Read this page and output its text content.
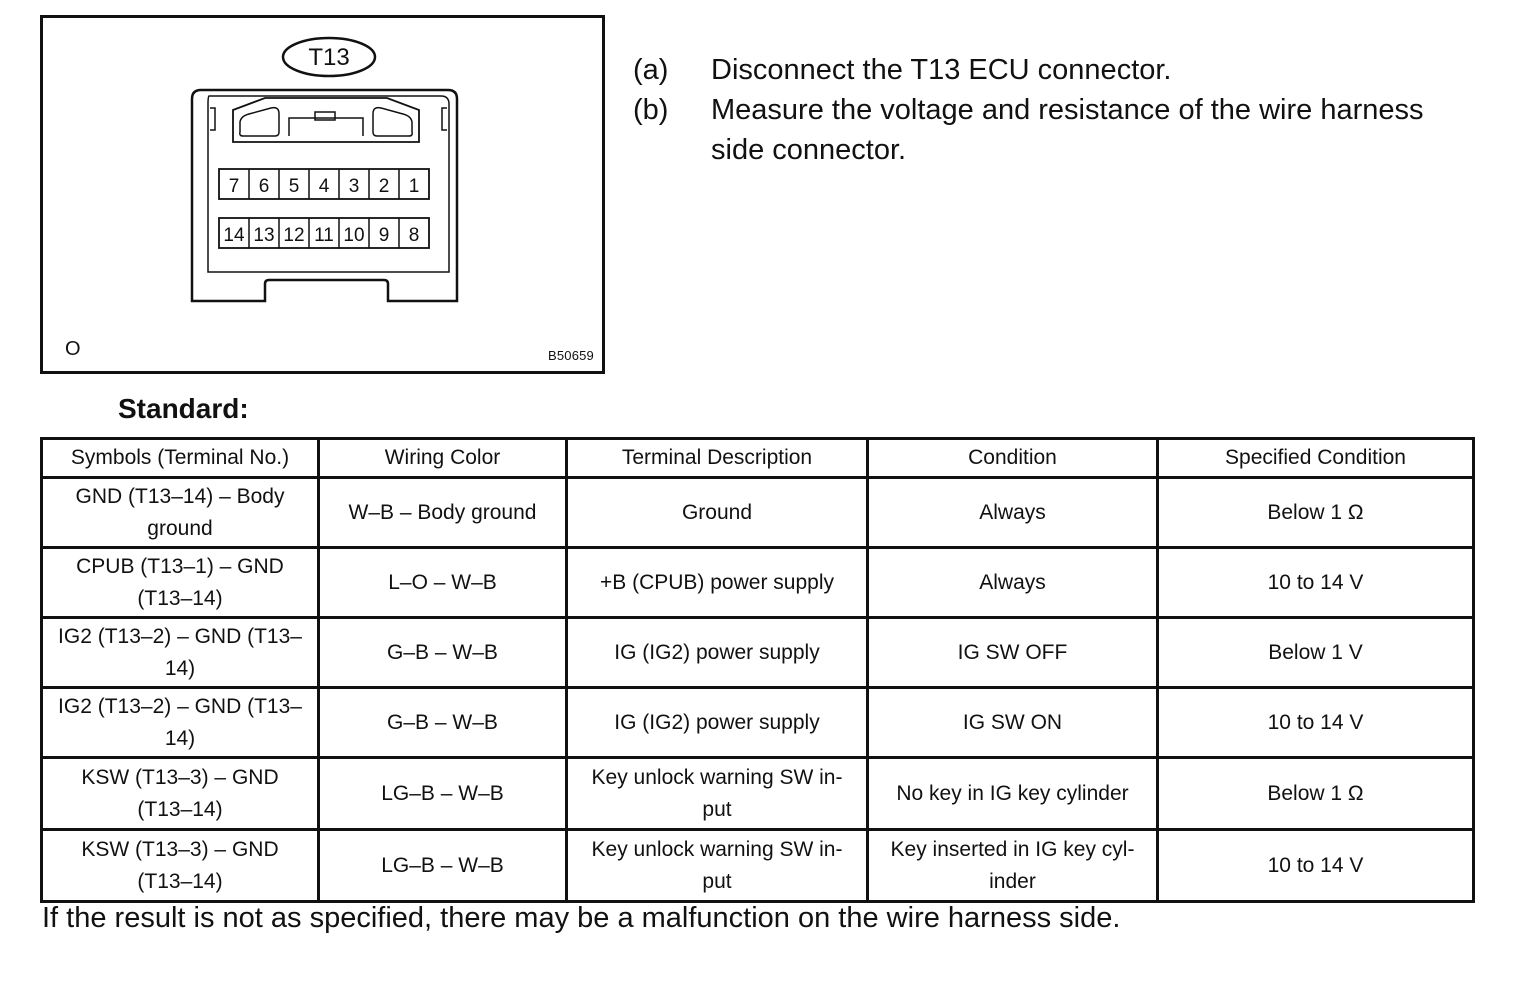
T13
7 6 5 4 3 2 1
14 13 12 11 10 9 8
O	B50659
(a)	Disconnect the T13 ECU connector.
(b)	Measure the voltage and resistance of the wire harness side connector.
Standard:
Symbols (Terminal No.)	Wiring Color	Terminal Description	Condition	Specified Condition
GND (T13–14) – Body ground	W–B – Body ground	Ground	Always	Below 1 Ω
CPUB (T13–1) – GND (T13–14)	L–O – W–B	+B (CPUB) power supply	Always	10 to 14 V
IG2 (T13–2) – GND (T13–14)	G–B – W–B	IG (IG2) power supply	IG SW OFF	Below 1 V
IG2 (T13–2) – GND (T13–14)	G–B – W–B	IG (IG2) power supply	IG SW ON	10 to 14 V
KSW (T13–3) – GND (T13–14)	LG–B – W–B	Key unlock warning SW in-put	No key in IG key cylinder	Below 1 Ω
KSW (T13–3) – GND (T13–14)	LG–B – W–B	Key unlock warning SW in-put	Key inserted in IG key cyl-inder	10 to 14 V
If the result is not as specified, there may be a malfunction on the wire harness side.
